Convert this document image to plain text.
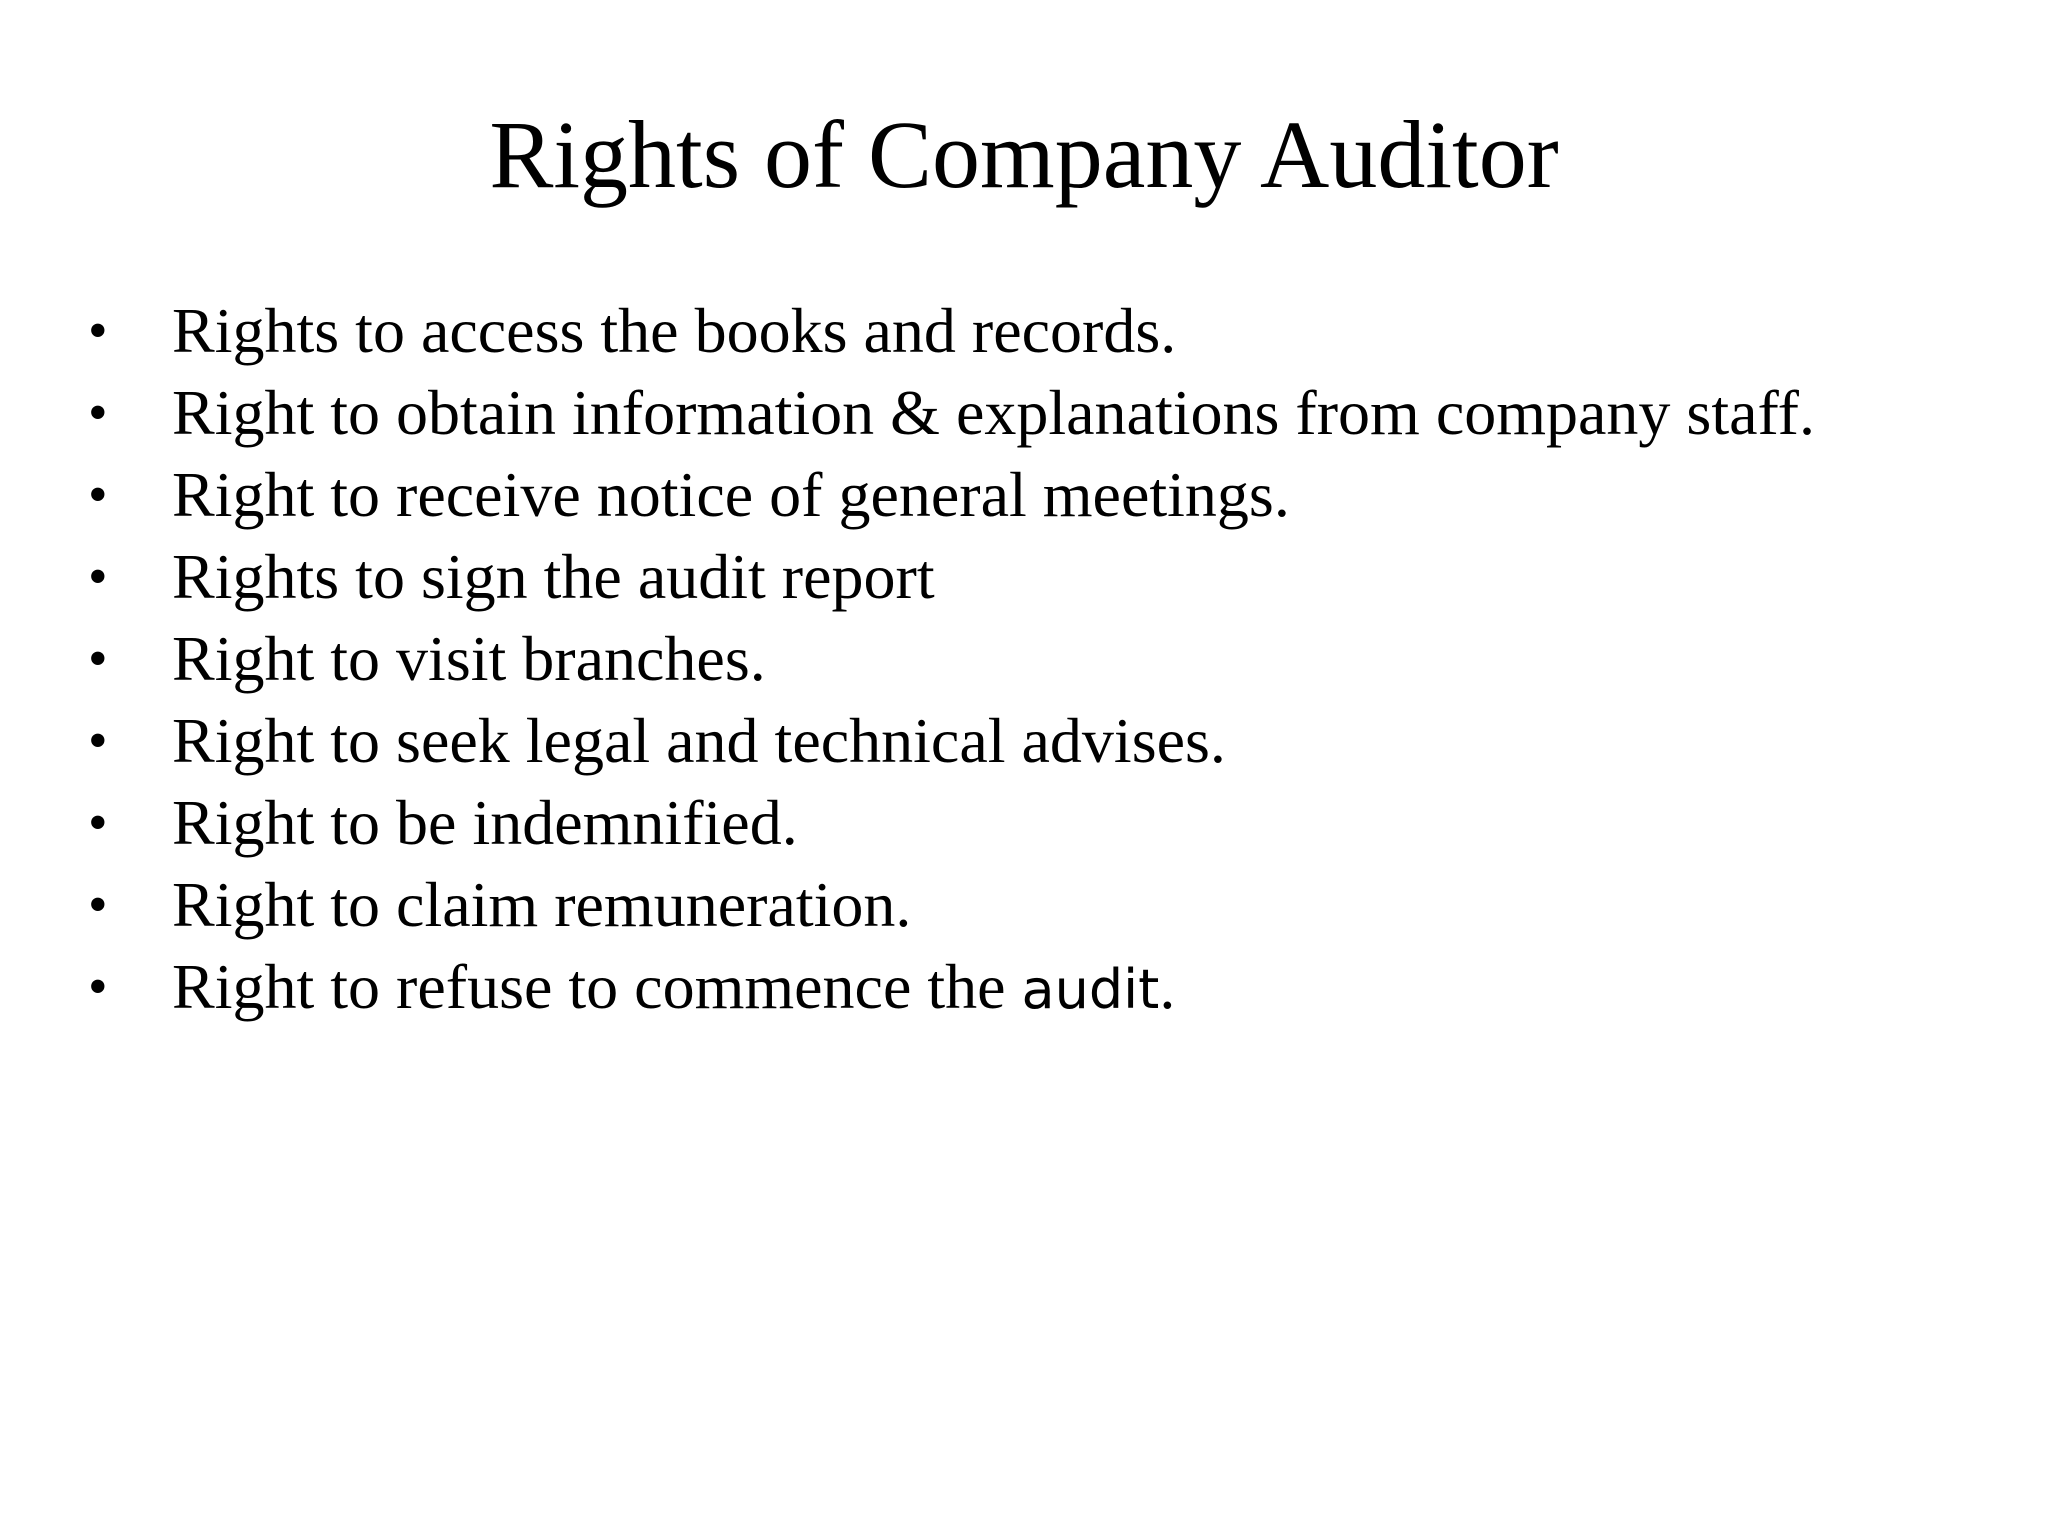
Rights of Company Auditor
• Rights to access the books and records.
• Right to obtain information & explanations from company staff.
• Right to receive notice of general meetings.
• Rights to sign the audit report
• Right to visit branches.
• Right to seek legal and technical advises.
• Right to be indemnified.
• Right to claim remuneration.
• Right to refuse to commence the audit.
